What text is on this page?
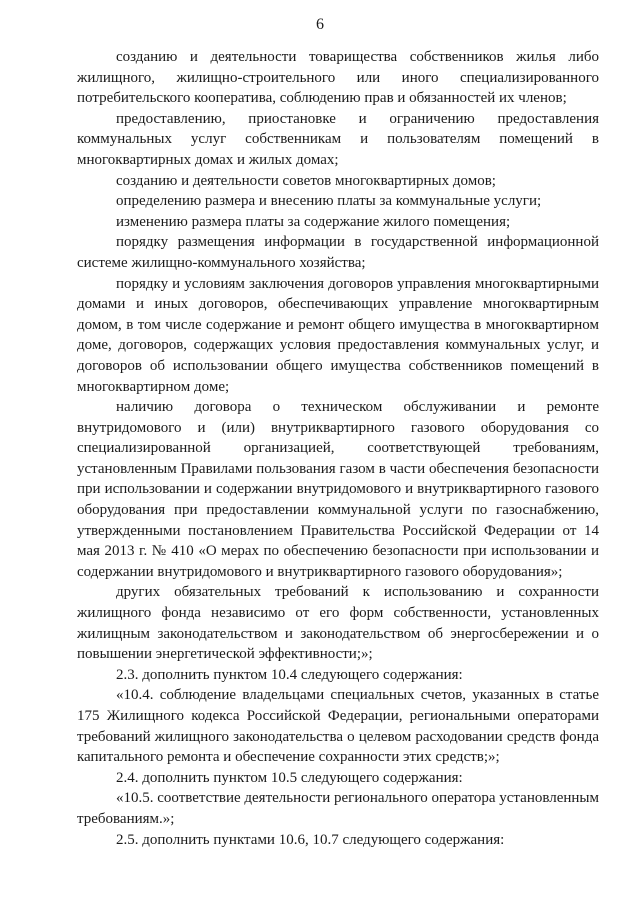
6

созданию и деятельности товарищества собственников жилья либо жилищного, жилищно-строительного или иного специализированного потребительского кооператива, соблюдению прав и обязанностей их членов;

предоставлению, приостановке и ограничению предоставления коммунальных услуг собственникам и пользователям помещений в многоквартирных домах и жилых домах;

созданию и деятельности советов многоквартирных домов;

определению размера и внесению платы за коммунальные услуги;

изменению размера платы за содержание жилого помещения;

порядку размещения информации в государственной информационной системе жилищно-коммунального хозяйства;

порядку и условиям заключения договоров управления многоквартирными домами и иных договоров, обеспечивающих управление многоквартирным домом, в том числе содержание и ремонт общего имущества в многоквартирном доме, договоров, содержащих условия предоставления коммунальных услуг, и договоров об использовании общего имущества собственников помещений в многоквартирном доме;

наличию договора о техническом обслуживании и ремонте внутридомового и (или) внутриквартирного газового оборудования со специализированной организацией, соответствующей требованиям, установленным Правилами пользования газом в части обеспечения безопасности при использовании и содержании внутридомового и внутриквартирного газового оборудования при предоставлении коммунальной услуги по газоснабжению, утвержденными постановлением Правительства Российской Федерации от 14 мая 2013 г. № 410 «О мерах по обеспечению безопасности при использовании и содержании внутридомового и внутриквартирного газового оборудования»;

других обязательных требований к использованию и сохранности жилищного фонда независимо от его форм собственности, установленных жилищным законодательством и законодательством об энергосбережении и о повышении энергетической эффективности;»;

2.3. дополнить пунктом 10.4 следующего содержания:

«10.4. соблюдение владельцами специальных счетов, указанных в статье 175 Жилищного кодекса Российской Федерации, региональными операторами требований жилищного законодательства о целевом расходовании средств фонда капитального ремонта и обеспечение сохранности этих средств;»;

2.4. дополнить пунктом 10.5 следующего содержания:

«10.5. соответствие деятельности регионального оператора установленным требованиям.»;

2.5. дополнить пунктами 10.6, 10.7 следующего содержания:
